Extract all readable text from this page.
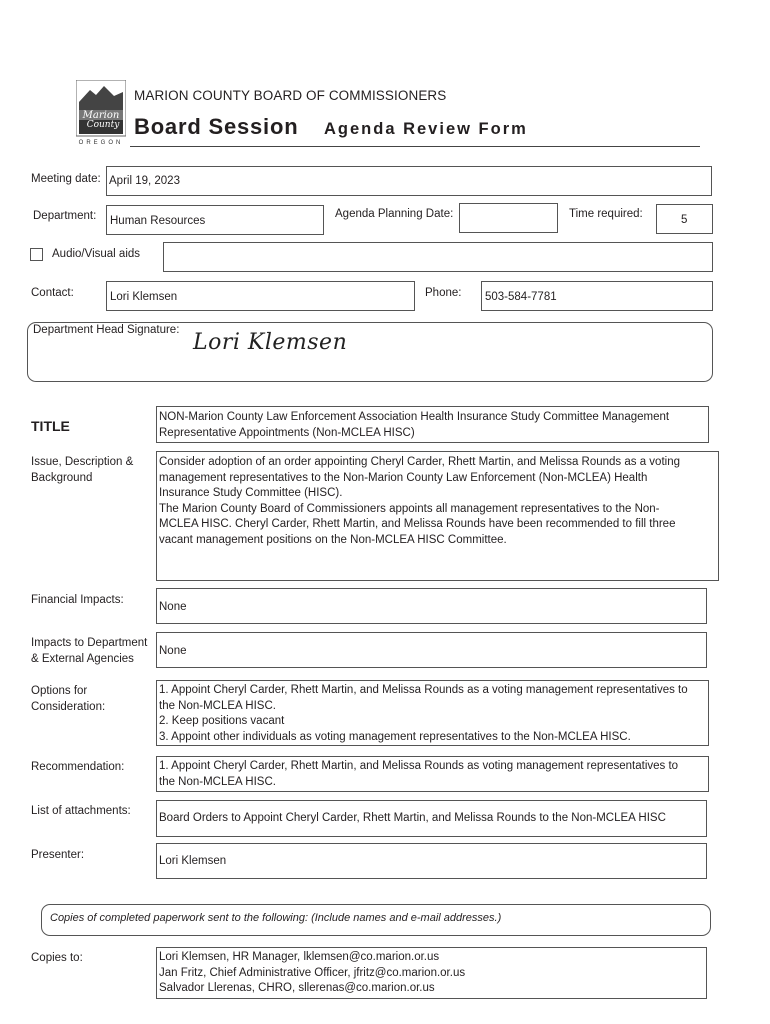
Marion
County
OREGON
MARION COUNTY BOARD OF COMMISSIONERS
Board Session Agenda Review Form
Meeting date: April 19, 2023
Department: Human Resources
Agenda Planning Date:	Time required:	5
Audio/Visual aids
Contact:	Lori Klemsen	Phone: 503-584-7781
Department Head Signature: Lori Klemsen
TITLE
NON-Marion County Law Enforcement Association Health Insurance Study Committee Management
Representative Appointments (Non-MCLEA HISC)
Issue, Description &
Background
Consider adoption of an order appointing Cheryl Carder, Rhett Martin, and Melissa Rounds as a voting
management representatives to the Non-Marion County Law Enforcement (Non-MCLEA) Health
Insurance Study Committee (HISC).
The Marion County Board of Commissioners appoints all management representatives to the Non-
MCLEA HISC. Cheryl Carder, Rhett Martin, and Melissa Rounds have been recommended to fill three
vacant management positions on the Non-MCLEA HISC Committee.
Financial Impacts:
None
Impacts to Department
& External Agencies
None
Options for
Consideration:
1. Appoint Cheryl Carder, Rhett Martin, and Melissa Rounds as a voting management representatives to
the Non-MCLEA HISC.
2. Keep positions vacant
3. Appoint other individuals as voting management representatives to the Non-MCLEA HISC.
Recommendation:	1. Appoint Cheryl Carder, Rhett Martin, and Melissa Rounds as voting management representatives to
the Non-MCLEA HISC.
List of attachments:
Board Orders to Appoint Cheryl Carder, Rhett Martin, and Melissa Rounds to the Non-MCLEA HISC
Presenter:	Lori Klemsen
Copies of completed paperwork sent to the following: (Include names and e-mail addresses.)
Copies to:	Lori Klemsen, HR Manager, lklemsen@co.marion.or.us
Jan Fritz, Chief Administrative Officer, jfritz@co.marion.or.us
Salvador Llerenas, CHRO, sllerenas@co.marion.or.us
